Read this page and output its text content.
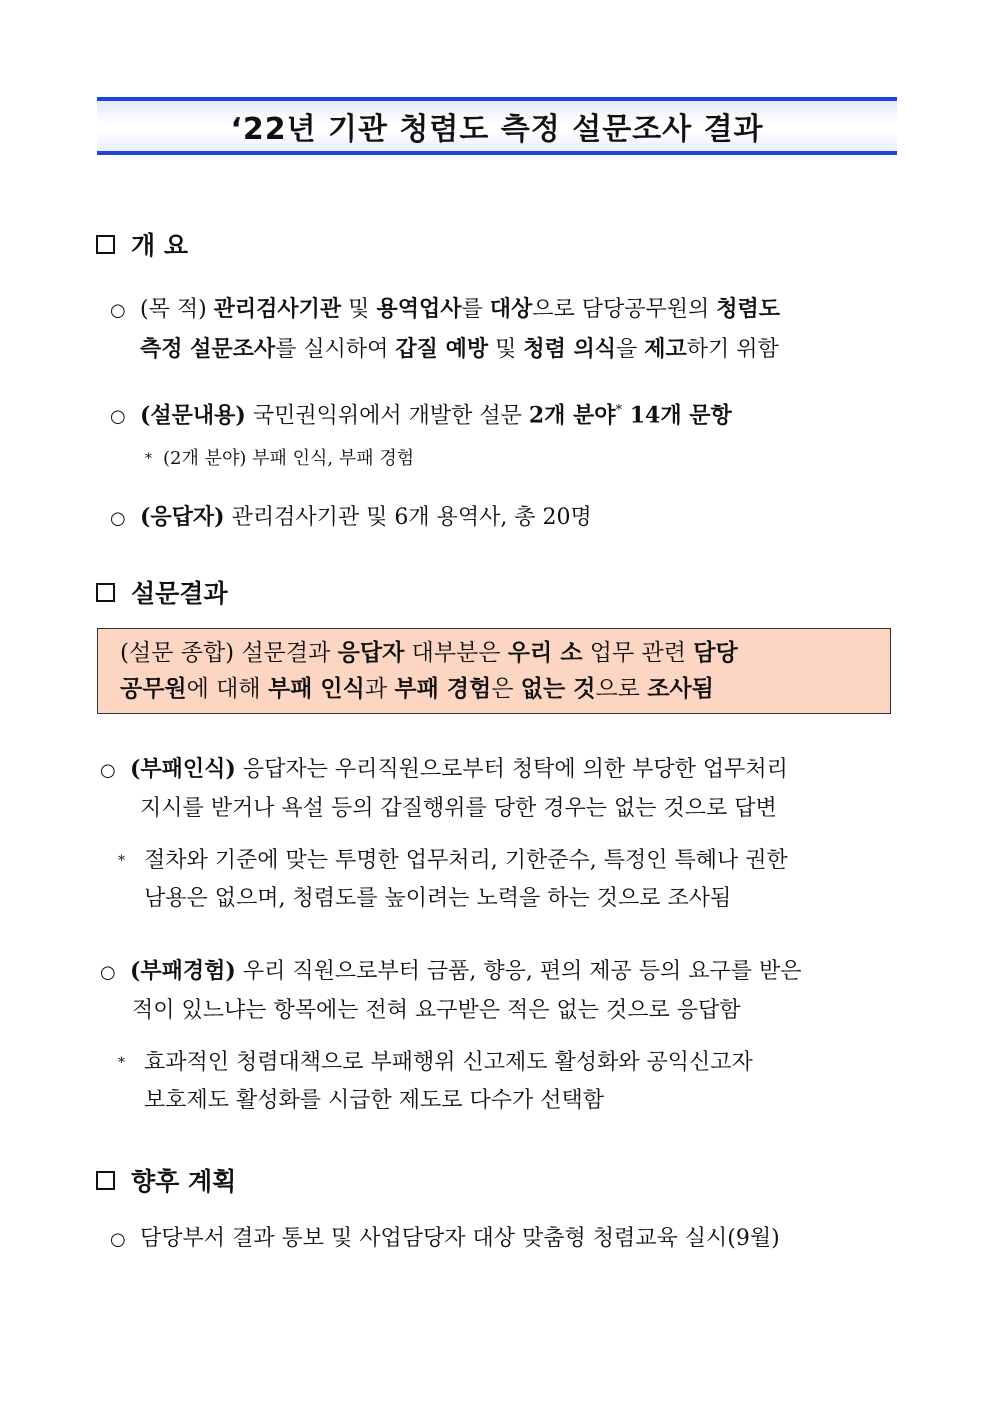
‘22년 기관 청렴도 측정 설문조사 결과
개 요
○ (목 적) 관리검사기관 및 용역업사를 대상으로 담당공무원의 청렴도
측정 설문조사를 실시하여 갑질 예방 및 청렴 의식을 제고하기 위함
○ (설문내용) 국민권익위에서 개발한 설문 2개 분야* 14개 문항
* (2개 분야) 부패 인식, 부패 경험
○ (응답자) 관리검사기관 및 6개 용역사, 총 20명
설문결과
(설문 종합) 설문결과 응답자 대부분은 우리 소 업무 관련 담당
공무원에 대해 부패 인식과 부패 경험은 없는 것으로 조사됨
○ (부패인식) 응답자는 우리직원으로부터 청탁에 의한 부당한 업무처리
지시를 받거나 욕설 등의 갑질행위를 당한 경우는 없는 것으로 답변
* 절차와 기준에 맞는 투명한 업무처리, 기한준수, 특정인 특혜나 권한
남용은 없으며, 청렴도를 높이려는 노력을 하는 것으로 조사됨
○ (부패경험) 우리 직원으로부터 금품, 향응, 편의 제공 등의 요구를 받은
적이 있느냐는 항목에는 전혀 요구받은 적은 없는 것으로 응답함
* 효과적인 청렴대책으로 부패행위 신고제도 활성화와 공익신고자
보호제도 활성화를 시급한 제도로 다수가 선택함
향후 계획
○ 담당부서 결과 통보 및 사업담당자 대상 맞춤형 청렴교육 실시(9월)
